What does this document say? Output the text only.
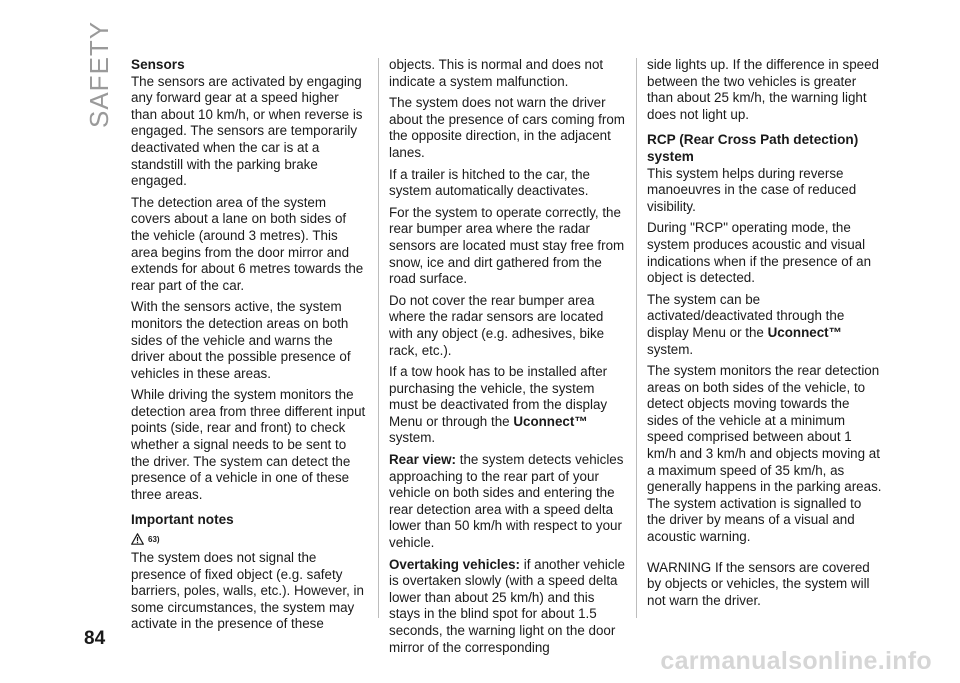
SAFETY Sensors

The sensors are activated by engaging any forward gear at a speed higher than about 10 km/h, or when reverse is engaged. The sensors are temporarily deactivated when the car is at a standstill with the parking brake engaged.

The detection area of the system covers about a lane on both sides of the vehicle (around 3 metres). This area begins from the door mirror and extends for about 6 metres towards the rear part of the car.

With the sensors active, the system monitors the detection areas on both sides of the vehicle and warns the driver about the possible presence of vehicles in these areas.

While driving the system monitors the detection area from three different input points (side, rear and front) to check whether a signal needs to be sent to the driver. The system can detect the presence of a vehicle in one of these three areas.

Important notes
63)

The system does not signal the presence of fixed object (e.g. safety barriers, poles, walls, etc.). However, in some circumstances, the system may activate in the presence of these

objects. This is normal and does not indicate a system malfunction.

The system does not warn the driver about the presence of cars coming from the opposite direction, in the adjacent lanes.

If a trailer is hitched to the car, the system automatically deactivates.

For the system to operate correctly, the rear bumper area where the radar sensors are located must stay free from snow, ice and dirt gathered from the road surface.

Do not cover the rear bumper area where the radar sensors are located with any object (e.g. adhesives, bike rack, etc.).

If a tow hook has to be installed after purchasing the vehicle, the system must be deactivated from the display Menu or through the Uconnect™ system.

Rear view: the system detects vehicles approaching to the rear part of your vehicle on both sides and entering the rear detection area with a speed delta lower than 50 km/h with respect to your vehicle.

Overtaking vehicles: if another vehicle is overtaken slowly (with a speed delta lower than about 25 km/h) and this stays in the blind spot for about 1.5 seconds, the warning light on the door mirror of the corresponding

side lights up. If the difference in speed between the two vehicles is greater than about 25 km/h, the warning light does not light up.

RCP (Rear Cross Path detection) system

This system helps during reverse manoeuvres in the case of reduced visibility.

During "RCP" operating mode, the system produces acoustic and visual indications when if the presence of an object is detected.

The system can be activated/deactivated through the display Menu or the Uconnect™ system.

The system monitors the rear detection areas on both sides of the vehicle, to detect objects moving towards the sides of the vehicle at a minimum speed comprised between about 1 km/h and 3 km/h and objects moving at a maximum speed of 35 km/h, as generally happens in the parking areas. The system activation is signalled to the driver by means of a visual and acoustic warning.

WARNING If the sensors are covered by objects or vehicles, the system will not warn the driver.

84
carmanualsonline.info
